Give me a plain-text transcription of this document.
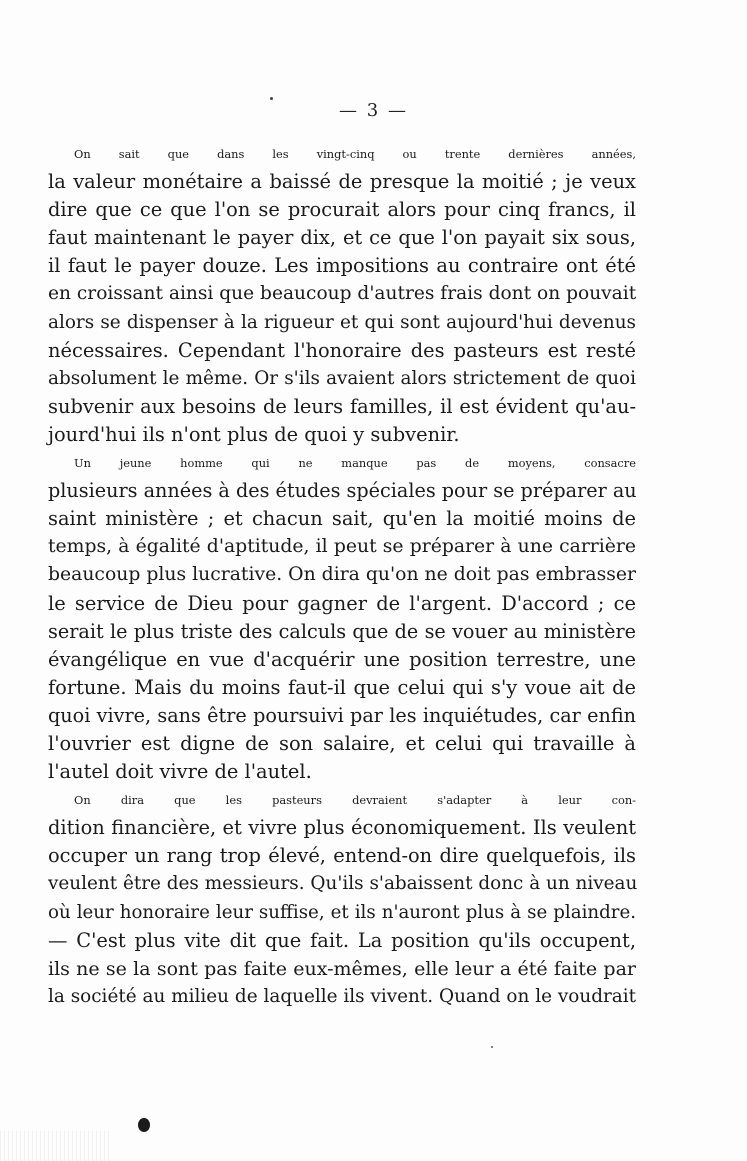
— 3 —

On sait que dans les vingt-cinq ou trente dernières années,
la valeur monétaire a baissé de presque la moitié ; je veux
dire que ce que l'on se procurait alors pour cinq francs, il
faut maintenant le payer dix, et ce que l'on payait six sous,
il faut le payer douze. Les impositions au contraire ont été
en croissant ainsi que beaucoup d'autres frais dont on pouvait
alors se dispenser à la rigueur et qui sont aujourd'hui devenus
nécessaires. Cependant l'honoraire des pasteurs est resté
absolument le même. Or s'ils avaient alors strictement de quoi
subvenir aux besoins de leurs familles, il est évident qu'au-
jourd'hui ils n'ont plus de quoi y subvenir.

Un jeune homme qui ne manque pas de moyens, consacre
plusieurs années à des études spéciales pour se préparer au
saint ministère ; et chacun sait, qu'en la moitié moins de
temps, à égalité d'aptitude, il peut se préparer à une carrière
beaucoup plus lucrative. On dira qu'on ne doit pas embrasser
le service de Dieu pour gagner de l'argent. D'accord ; ce
serait le plus triste des calculs que de se vouer au ministère
évangélique en vue d'acquérir une position terrestre, une
fortune. Mais du moins faut-il que celui qui s'y voue ait de
quoi vivre, sans être poursuivi par les inquiétudes, car enfin
l'ouvrier est digne de son salaire, et celui qui travaille à
l'autel doit vivre de l'autel.

On dira que les pasteurs devraient s'adapter à leur con-
dition financière, et vivre plus économiquement. Ils veulent
occuper un rang trop élevé, entend-on dire quelquefois, ils
veulent être des messieurs. Qu'ils s'abaissent donc à un niveau
où leur honoraire leur suffise, et ils n'auront plus à se plaindre.
— C'est plus vite dit que fait. La position qu'ils occupent,
ils ne se la sont pas faite eux-mêmes, elle leur a été faite par
la société au milieu de laquelle ils vivent. Quand on le voudrait
